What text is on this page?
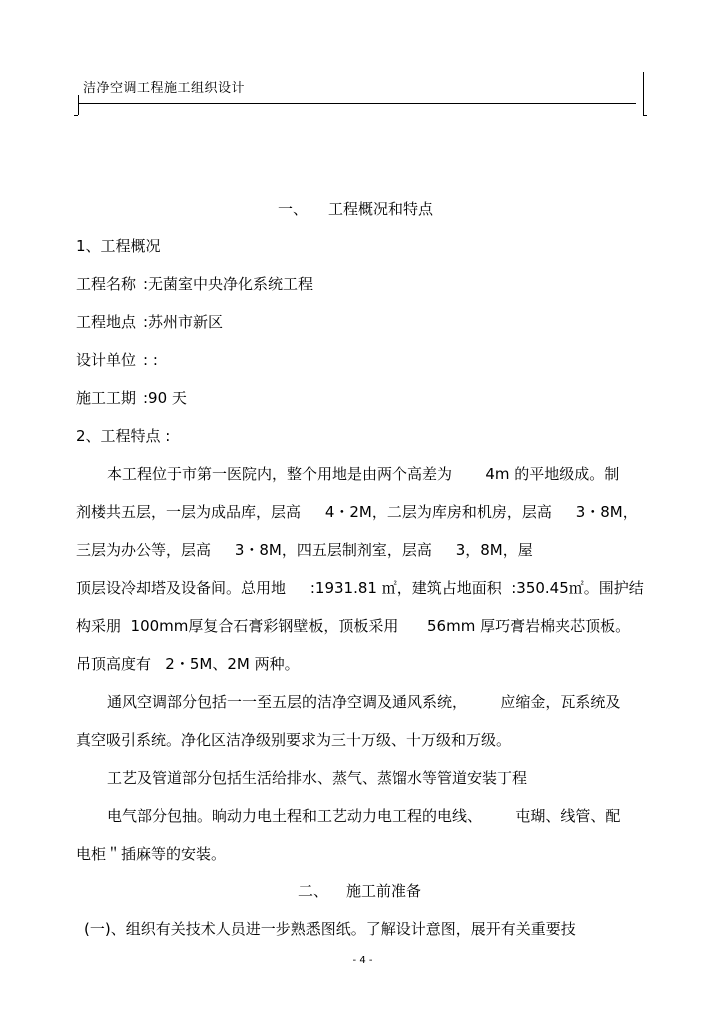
洁净空调工程施工组织设计
一、 工程概况和特点
1、工程概况
工程名称 :无菌室中央净化系统工程
工程地点 :苏州市新区
设计单位 : :
施工工期 :90 天
2、工程特点 :
本工程位于市第一医院内，整个用地是由两个高差为       4m 的平地级成。制
剂楼共五层，一层为成品库，层高     4・2M，二层为库房和机房，层高     3・8M，
三层为办公等，层高     3・8M，四五层制剂室，层高     3，8M，屋
顶层设冷却塔及设备间。总用地     :1931.81 ㎡，建筑占地面积  :350.45㎡。围护结
构采朋  100mm厚复合石膏彩钢壁板，顶板采用      56mm 厚巧膏岩棉夹芯顶板。
吊顶高度有   2・5M、2M 两种。
通风空调部分包括一一至五层的洁净空调及通风系统，       应缩金，瓦系统及
真空吸引系统。净化区洁净级别要求为三十万级、十万级和万级。
工艺及管道部分包括生活给排水、蒸气、蒸馏水等管道安装丁程
电气部分包抽。晌动力电土程和工艺动力电工程的电线、       屯瑚、线管、配
电柜＂插麻等的安装。
二、 施工前准备
(一)、组织有关技术人员进一步熟悉图纸。了解设计意图，展开有关重要技
- 4 -
